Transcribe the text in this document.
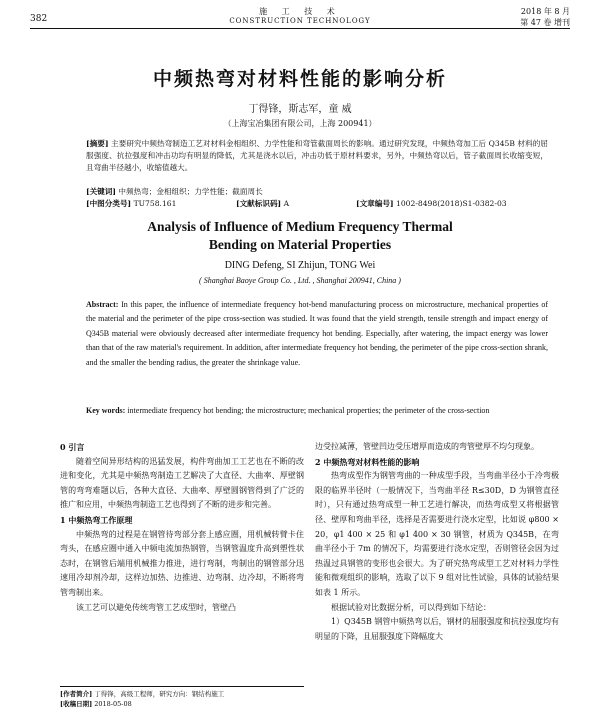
382
施 工 技 术
CONSTRUCTION TECHNOLOGY
2018 年 8 月
第 47 卷 增刊
中频热弯对材料性能的影响分析
丁得锋，斯志军，童 威
（上海宝冶集团有限公司，上海 200941）
[摘要] 主要研究中频热弯制造工艺对材料金相组织、力学性能和弯管截面周长的影响。通过研究发现，中频热弯加工后 Q345B 材料的屈服强度、抗拉强度和冲击功均有明显的降低，尤其是浇水以后，冲击功低于原材料要求，另外，中频热弯以后，管子截面周长收缩变短，且弯曲半径越小，收缩值越大。
[关键词] 中频热弯；金相组织；力学性能；截面周长
[中图分类号] TU758.161	[文献标识码] A	[文章编号] 1002-8498(2018)S1-0382-03
Analysis of Influence of Medium Frequency Thermal
Bending on Material Properties
DING Defeng, SI Zhijun, TONG Wei
( Shanghai Baoye Group Co. , Ltd. , Shanghai 200941, China )
Abstract: In this paper, the influence of intermediate frequency hot-bend manufacturing process on microstructure, mechanical properties of the material and the perimeter of the pipe cross-section was studied. It was found that the yield strength, tensile strength and impact energy of Q345B material were obviously decreased after intermediate frequency hot bending. Especially, after watering, the impact energy was lower than that of the raw material's requirement. In addition, after intermediate frequency hot bending, the perimeter of the pipe cross-section shrank, and the smaller the bending radius, the greater the shrinkage value.
Key words: intermediate frequency hot bending; the microstructure; mechanical properties; the perimeter of the cross-section
0 引言

随着空间异形结构的迅猛发展，构件弯曲加工工艺也在不断的改进和变化，尤其是中频热弯制造工艺解决了大直径、大曲率、厚壁钢管的弯弯难题以后，各种大直径、大曲率、厚壁圆钢管得到了广泛的推广和应用，中频热弯制造工艺也得到了不断的进步和完善。

1 中频热弯工作原理

中频热弯的过程是在钢管待弯部分套上感应圈，用机械转臂卡住弯头，在感应圈中通入中频电流加热钢管，当钢管温度升高到塑性状态时，在钢管后端用机械推力推进，进行弯制，弯制出的钢管部分迅速用冷却剂冷却，这样边加热、边推进、边弯制、边冷却，不断将弯管弯制出来。

该工艺可以避免传统弯管工艺成型时，管壁凸

边受拉减薄，管壁凹边受压增厚而造成的弯管壁厚不均匀现象。

2 中频热弯对材料性能的影响

热弯成型作为钢管弯曲的一种成型手段，当弯曲半径小于冷弯极限的临界半径时（一般情况下，当弯曲半径 R≤30D，D 为钢管直径时），只有通过热弯成型一种工艺进行解决，而热弯成型又将根据管径、壁厚和弯曲半径，选择是否需要进行浇水定型，比如说 φ800 × 20，φ1 400 × 25 和 φ1 400 × 30 钢管，材质为 Q345B，在弯曲半径小于 7m 的情况下，均需要进行浇水定型，否则管径会因为过热温过具钢管的变形也会很大。为了研究热弯成型工艺对材料力学性能和微观组织的影响，选取了以下 9 组对比性试验，具体的试验结果如表 1 所示。

根据试验对比数据分析，可以得到如下结论：

1）Q345B 钢管中频热弯以后，钢材的屈服强度和抗拉强度均有明显的下降，且屈服强度下降幅度大

[作者简介] 丁得锋，高级工程师，研究方向：钢结构施工
[收稿日期] 2018-05-08
